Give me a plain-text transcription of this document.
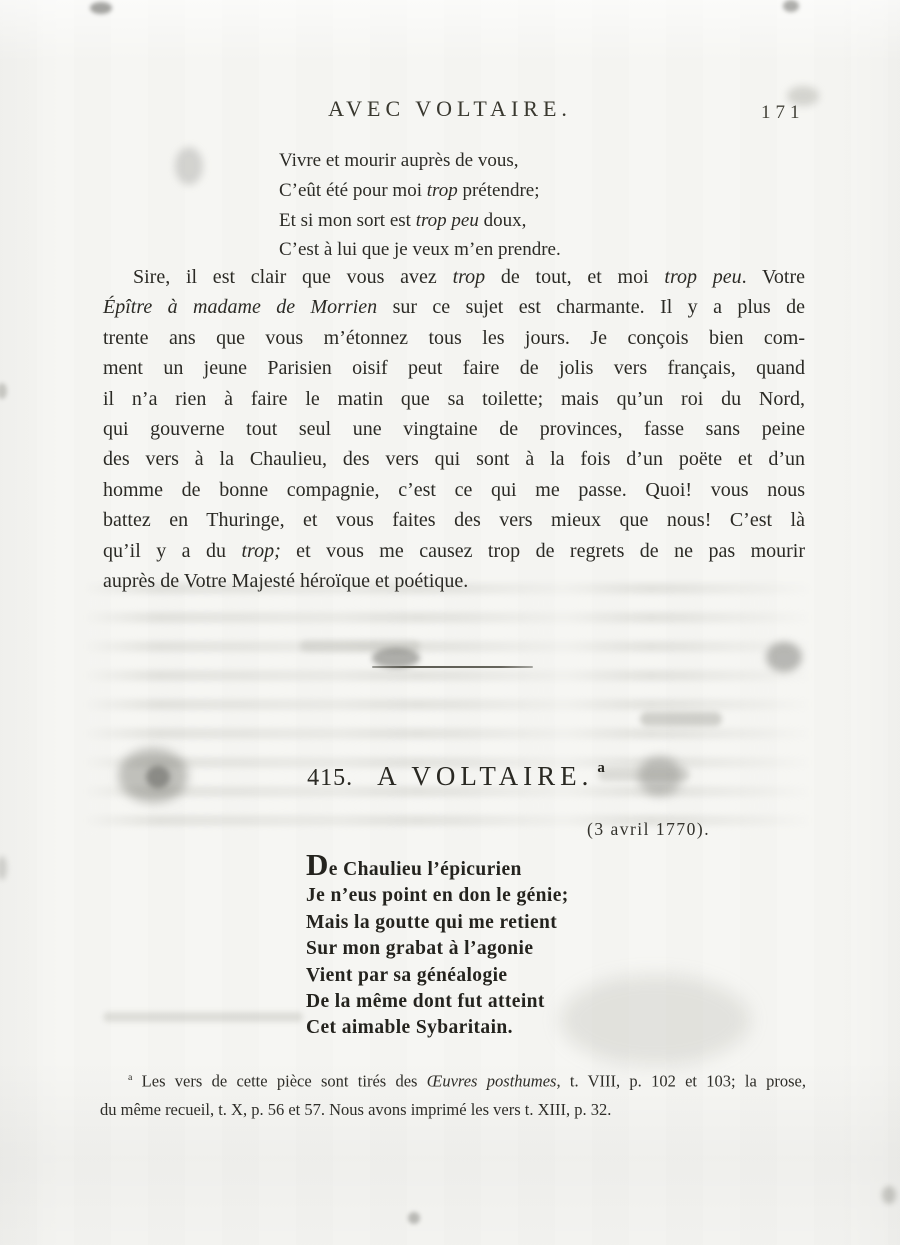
AVEC VOLTAIRE.	171
Vivre et mourir auprès de vous,
C’eût été pour moi trop prétendre;
Et si mon sort est trop peu doux,
C’est à lui que je veux m’en prendre.
Sire, il est clair que vous avez trop de tout, et moi trop peu. Votre
Épître à madame de Morrien sur ce sujet est charmante. Il y a plus de
trente ans que vous m’étonnez tous les jours. Je conçois bien com-
ment un jeune Parisien oisif peut faire de jolis vers français, quand
il n’a rien à faire le matin que sa toilette; mais qu’un roi du Nord,
qui gouverne tout seul une vingtaine de provinces, fasse sans peine
des vers à la Chaulieu, des vers qui sont à la fois d’un poëte et d’un
homme de bonne compagnie, c’est ce qui me passe. Quoi! vous nous
battez en Thuringe, et vous faites des vers mieux que nous! C’est là
qu’il y a du trop; et vous me causez trop de regrets de ne pas mourir
auprès de Votre Majesté héroïque et poétique.
415. A VOLTAIRE. a
(3 avril 1770).
De Chaulieu l’épicurien
Je n’eus point en don le génie;
Mais la goutte qui me retient
Sur mon grabat à l’agonie
Vient par sa généalogie
De la même dont fut atteint
Cet aimable Sybaritain.
$^a$ Les vers de cette pièce sont tirés des Œuvres posthumes, t. VIII, p. 102 et 103; la prose,
du même recueil, t. X, p. 56 et 57. Nous avons imprimé les vers t. XIII, p. 32.
